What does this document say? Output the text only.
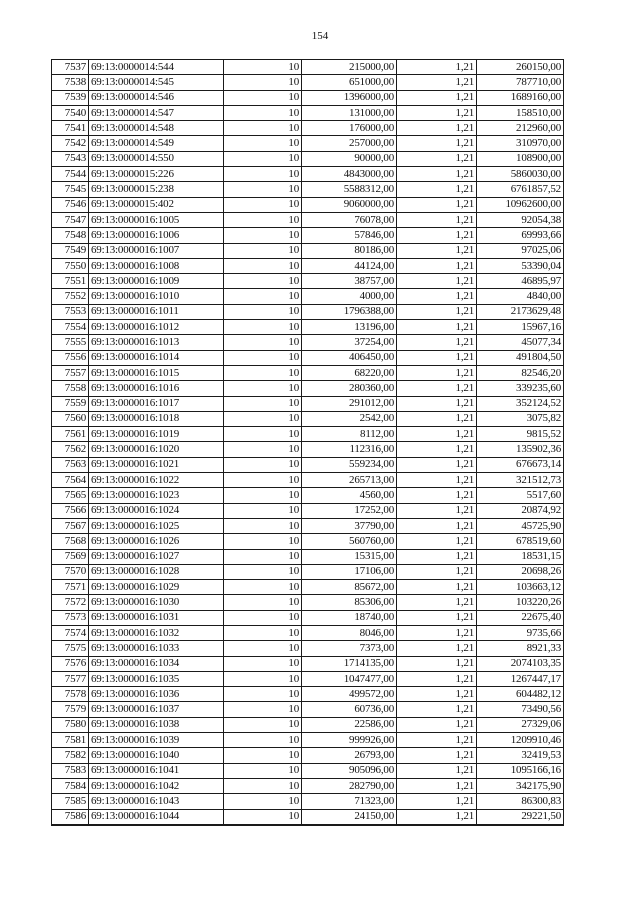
154
7537	69:13:0000014:544	10	215000,00	1,21	260150,00
7538	69:13:0000014:545	10	651000,00	1,21	787710,00
7539	69:13:0000014:546	10	1396000,00	1,21	1689160,00
7540	69:13:0000014:547	10	131000,00	1,21	158510,00
7541	69:13:0000014:548	10	176000,00	1,21	212960,00
7542	69:13:0000014:549	10	257000,00	1,21	310970,00
7543	69:13:0000014:550	10	90000,00	1,21	108900,00
7544	69:13:0000015:226	10	4843000,00	1,21	5860030,00
7545	69:13:0000015:238	10	5588312,00	1,21	6761857,52
7546	69:13:0000015:402	10	9060000,00	1,21	10962600,00
7547	69:13:0000016:1005	10	76078,00	1,21	92054,38
7548	69:13:0000016:1006	10	57846,00	1,21	69993,66
7549	69:13:0000016:1007	10	80186,00	1,21	97025,06
7550	69:13:0000016:1008	10	44124,00	1,21	53390,04
7551	69:13:0000016:1009	10	38757,00	1,21	46895,97
7552	69:13:0000016:1010	10	4000,00	1,21	4840,00
7553	69:13:0000016:1011	10	1796388,00	1,21	2173629,48
7554	69:13:0000016:1012	10	13196,00	1,21	15967,16
7555	69:13:0000016:1013	10	37254,00	1,21	45077,34
7556	69:13:0000016:1014	10	406450,00	1,21	491804,50
7557	69:13:0000016:1015	10	68220,00	1,21	82546,20
7558	69:13:0000016:1016	10	280360,00	1,21	339235,60
7559	69:13:0000016:1017	10	291012,00	1,21	352124,52
7560	69:13:0000016:1018	10	2542,00	1,21	3075,82
7561	69:13:0000016:1019	10	8112,00	1,21	9815,52
7562	69:13:0000016:1020	10	112316,00	1,21	135902,36
7563	69:13:0000016:1021	10	559234,00	1,21	676673,14
7564	69:13:0000016:1022	10	265713,00	1,21	321512,73
7565	69:13:0000016:1023	10	4560,00	1,21	5517,60
7566	69:13:0000016:1024	10	17252,00	1,21	20874,92
7567	69:13:0000016:1025	10	37790,00	1,21	45725,90
7568	69:13:0000016:1026	10	560760,00	1,21	678519,60
7569	69:13:0000016:1027	10	15315,00	1,21	18531,15
7570	69:13:0000016:1028	10	17106,00	1,21	20698,26
7571	69:13:0000016:1029	10	85672,00	1,21	103663,12
7572	69:13:0000016:1030	10	85306,00	1,21	103220,26
7573	69:13:0000016:1031	10	18740,00	1,21	22675,40
7574	69:13:0000016:1032	10	8046,00	1,21	9735,66
7575	69:13:0000016:1033	10	7373,00	1,21	8921,33
7576	69:13:0000016:1034	10	1714135,00	1,21	2074103,35
7577	69:13:0000016:1035	10	1047477,00	1,21	1267447,17
7578	69:13:0000016:1036	10	499572,00	1,21	604482,12
7579	69:13:0000016:1037	10	60736,00	1,21	73490,56
7580	69:13:0000016:1038	10	22586,00	1,21	27329,06
7581	69:13:0000016:1039	10	999926,00	1,21	1209910,46
7582	69:13:0000016:1040	10	26793,00	1,21	32419,53
7583	69:13:0000016:1041	10	905096,00	1,21	1095166,16
7584	69:13:0000016:1042	10	282790,00	1,21	342175,90
7585	69:13:0000016:1043	10	71323,00	1,21	86300,83
7586	69:13:0000016:1044	10	24150,00	1,21	29221,50
